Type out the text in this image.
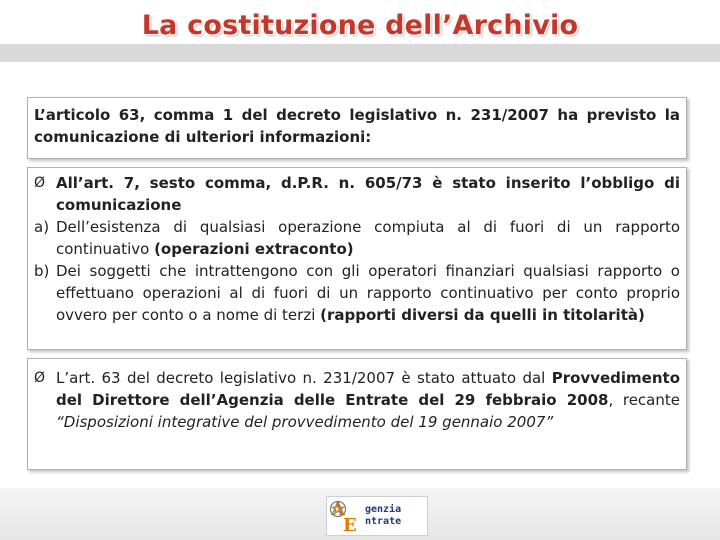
La costituzione dell’Archivio
L’articolo 63, comma 1 del decreto legislativo n. 231/2007 ha previsto la comunicazione di ulteriori informazioni:
Ø All’art. 7, sesto comma, d.P.R. n. 605/73 è stato inserito l’obbligo di comunicazione
a) Dell’esistenza di qualsiasi operazione compiuta al di fuori di un rapporto continuativo (operazioni extraconto)
b) Dei soggetti che intrattengono con gli operatori finanziari qualsiasi rapporto o effettuano operazioni al di fuori di un rapporto continuativo per conto proprio ovvero per conto o a nome di terzi (rapporti diversi da quelli in titolarità)
Ø L’art. 63 del decreto legislativo n. 231/2007 è stato attuato dal Provvedimento del Direttore dell’Agenzia delle Entrate del 29 febbraio 2008, recante “Disposizioni integrative del provvedimento del 19 gennaio 2007”
A
E
genzia
ntrate
